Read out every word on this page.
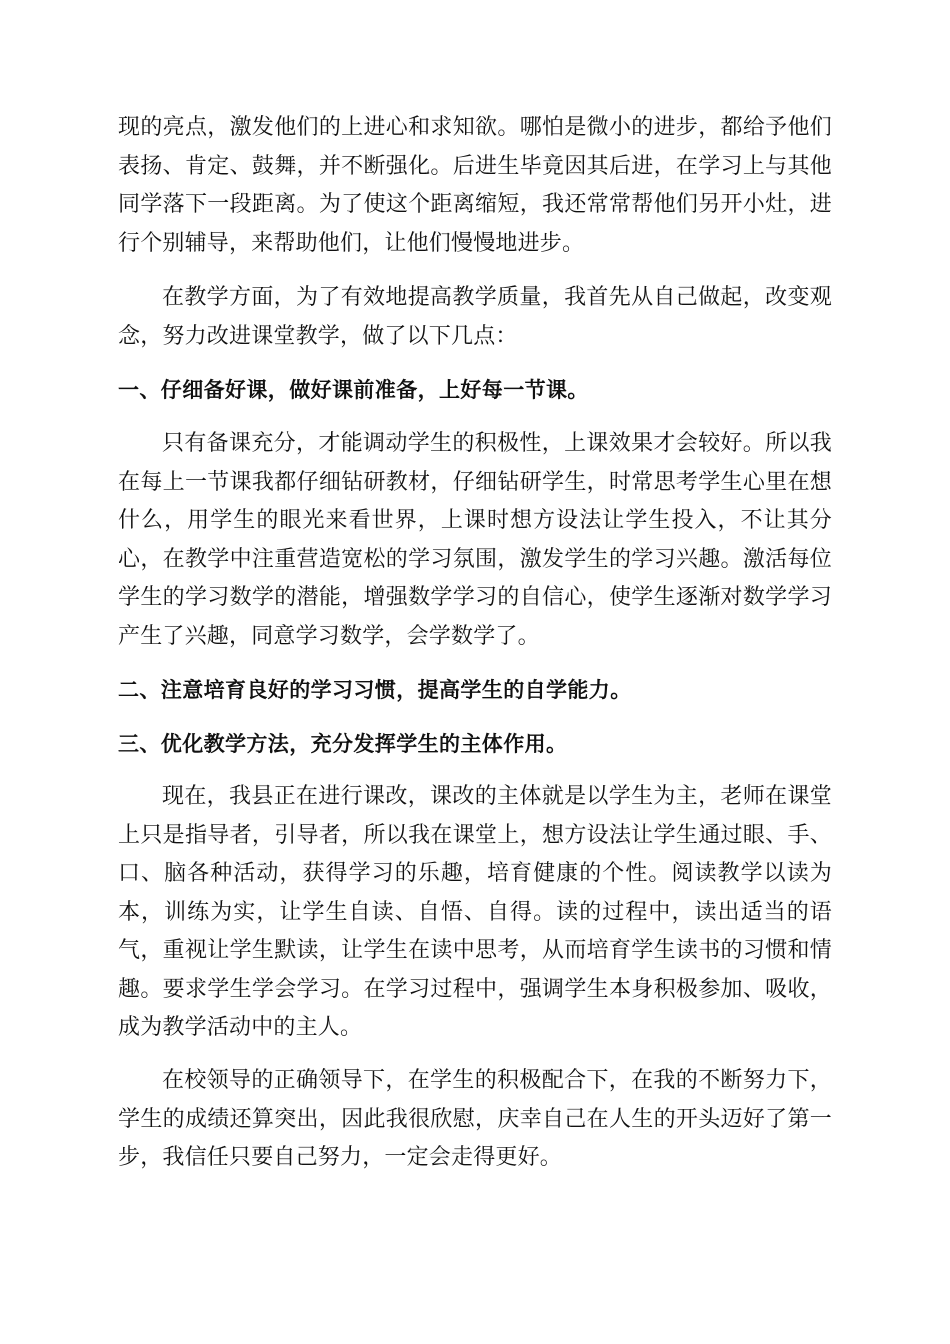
现的亮点，激发他们的上进心和求知欲。哪怕是微小的进步，都给予他们表扬、肯定、鼓舞，并不断强化。后进生毕竟因其后进，在学习上与其他同学落下一段距离。为了使这个距离缩短，我还常常帮他们另开小灶，进行个别辅导，来帮助他们，让他们慢慢地进步。

在教学方面，为了有效地提高教学质量，我首先从自己做起，改变观念，努力改进课堂教学，做了以下几点：

一、仔细备好课，做好课前准备，上好每一节课。

只有备课充分，才能调动学生的积极性，上课效果才会较好。所以我在每上一节课我都仔细钻研教材，仔细钻研学生，时常思考学生心里在想什么，用学生的眼光来看世界，上课时想方设法让学生投入，不让其分心，在教学中注重营造宽松的学习氛围，激发学生的学习兴趣。激活每位学生的学习数学的潜能，增强数学学习的自信心，使学生逐渐对数学学习产生了兴趣，同意学习数学，会学数学了。

二、注意培育良好的学习习惯，提高学生的自学能力。

三、优化教学方法，充分发挥学生的主体作用。

现在，我县正在进行课改，课改的主体就是以学生为主，老师在课堂上只是指导者，引导者，所以我在课堂上，想方设法让学生通过眼、手、口、脑各种活动，获得学习的乐趣，培育健康的个性。阅读教学以读为本，训练为实，让学生自读、自悟、自得。读的过程中，读出适当的语气，重视让学生默读，让学生在读中思考，从而培育学生读书的习惯和情趣。要求学生学会学习。在学习过程中，强调学生本身积极参加、吸收，成为教学活动中的主人。

在校领导的正确领导下，在学生的积极配合下，在我的不断努力下，学生的成绩还算突出，因此我很欣慰，庆幸自己在人生的开头迈好了第一步，我信任只要自己努力，一定会走得更好。
